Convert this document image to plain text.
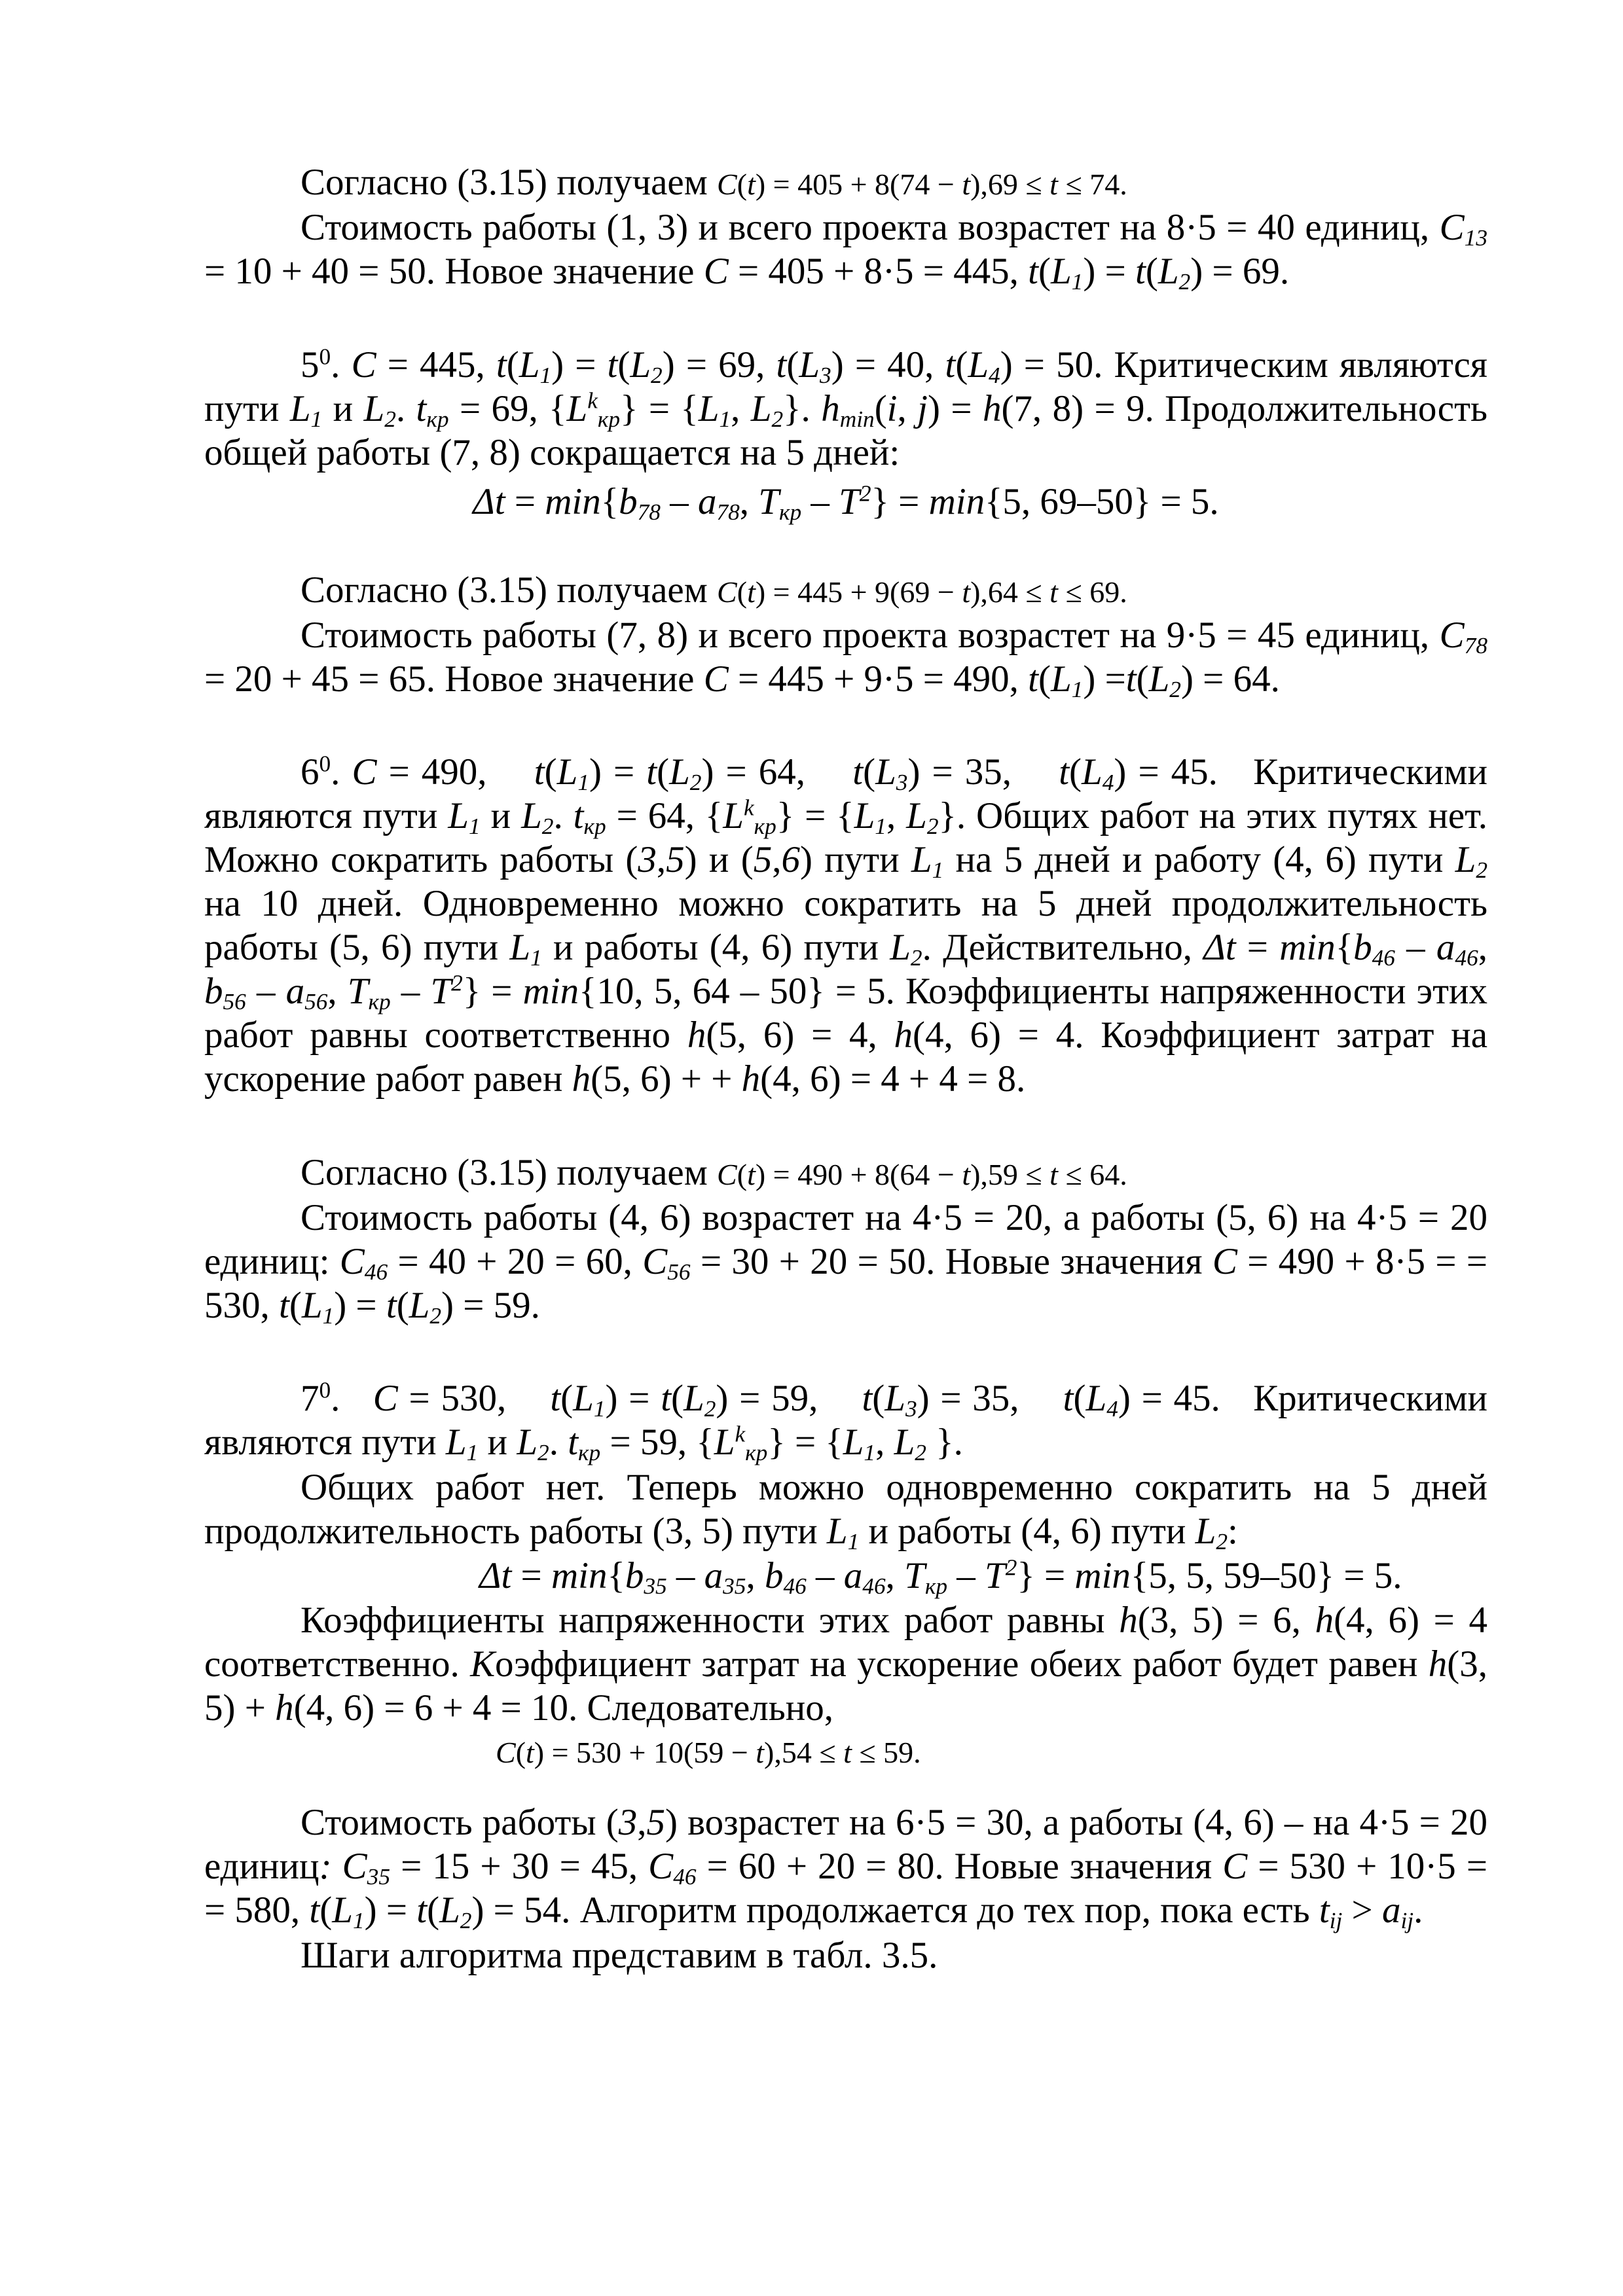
Согласно (3.15) получаем C(t) = 405 + 8(74 − t),69 ≤ t ≤ 74.

Стоимость работы (1, 3) и всего проекта возрастет на 8·5 = 40 единиц, $C_{13} = 10 + 40 = 50$. Новое значение C = 405 + 8·5 = 445, $t(L_1) = t(L_2) = 69$.

$5^0$. C = 445, $t(L_1) = t(L_2) = 69$, $t(L_3) = 40$, $t(L_4) = 50$. Критическим являются пути $L_1$ и $L_2$. $t_{кр} = 69$, $\{L^k_{кр}\} = \{L_1$, $L_2$}. $h_{min}(i$, j) = h(7, 8) = 9. Продолжительность общей работы (7, 8) сокращается на 5 дней:

$\Delta t = \min\{b_{78} - a_{78}$, $T_{кр} - T^2\} = \min\{5$, 69–50} = 5.

Согласно (3.15) получаем C(t) = 445 + 9(69 − t),64 ≤ t ≤ 69.

Стоимость работы (7, 8) и всего проекта возрастет на 9·5 = 45 единиц, $C_{78} = 20 + 45 = 65$. Новое значение C = 445 + 9·5 = 490, $t(L_1) =t(L_2) = 64$.

$6^0$. C = 490,    $t(L_1) = t(L_2) = 64$,    $t(L_3) = 35$,    $t(L_4) = 45$.   Критическими являются пути $L_1$ и $L_2$. $t_{кр} = 64$, $\{L^k_{кр}\} = \{L_1$, $L_2$}. Общих работ на этих путях нет. Можно сократить работы (3,5) и (5,6) пути $L_1$ на 5 дней и работу (4, 6) пути $L_2$ на 10 дней. Одновременно можно сократить на 5 дней продолжительность работы (5, 6) пути $L_1$ и работы (4, 6) пути $L_2$. Действительно, $\Delta t = \min\{b_{46} - a_{46}$, $b_{56} - a_{56}$, $T_{кр} - T^2\} = \min\{10$, 5, 64 – 50} = 5. Коэффициенты напряженности этих работ равны соответственно h(5, 6) = 4, h(4, 6) = 4. Коэффициент затрат на ускорение работ равен h(5, 6) + + h(4, 6) = 4 + 4 = 8.

Согласно (3.15) получаем C(t) = 490 + 8(64 − t),59 ≤ t ≤ 64.

Стоимость работы (4, 6) возрастет на 4·5 = 20, а работы (5, 6) на 4·5 = 20 единиц: $C_{46} = 40 + 20 = 60$, $C_{56} = 30 + 20 = 50$. Новые значения C = 490 + 8·5 = = 530, $t(L_1) = t(L_2) = 59$.

$7^0$.   C = 530,    $t(L_1) = t(L_2) = 59$,    $t(L_3) = 35$,    $t(L_4) = 45$.   Критическими являются пути $L_1$ и $L_2$. $t_{кр} = 59$, $\{L^k_{кр}\} = \{L_1$, $L_2$ }.

Общих работ нет. Теперь можно одновременно сократить на 5 дней продолжительность работы (3, 5) пути $L_1$ и работы (4, 6) пути $L_2$:

$\Delta t = \min\{b_{35} - a_{35}$, $b_{46} - a_{46}$, $T_{кр} - T^2\} = \min\{5$, 5, 59–50} = 5.

Коэффициенты напряженности этих работ равны h(3, 5) = 6, h(4, 6) = 4 соответственно. Коэффициент затрат на ускорение обеих работ будет равен h(3, 5) + h(4, 6) = 6 + 4 = 10. Следовательно,

C(t) = 530 + 10(59 − t),54 ≤ t ≤ 59.

Стоимость работы (3,5) возрастет на 6·5 = 30, а работы (4, 6) – на 4·5 = 20 единиц: $C_{35} = 15 + 30 = 45$, $C_{46} = 60 + 20 = 80$. Новые значения C = 530 + 10·5 = = 580, $t(L_1) = t(L_2) = 54$. Алгоритм продолжается до тех пор, пока есть $t_{ij} > a_{ij}$.

Шаги алгоритма представим в табл. 3.5.
